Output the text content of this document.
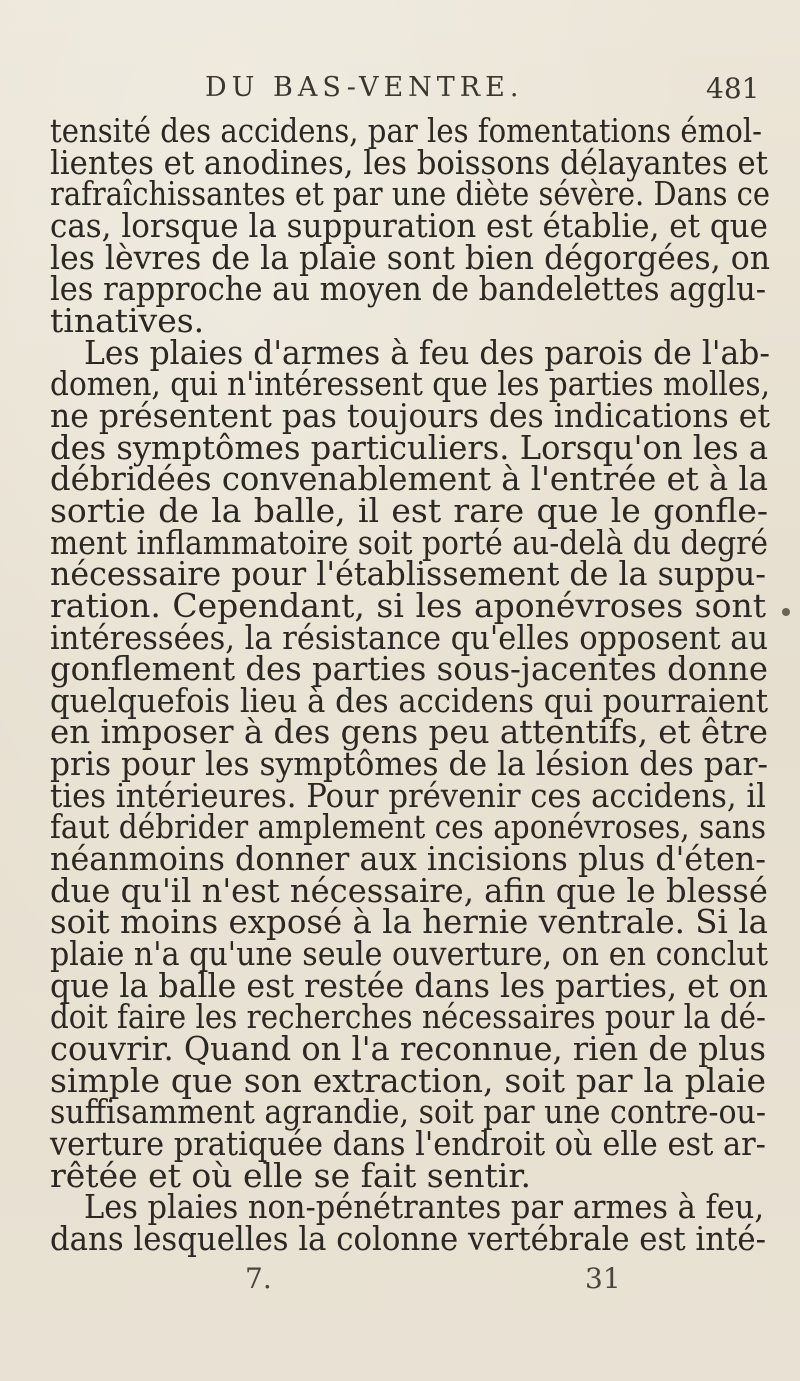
DU BAS-VENTRE.	481
tensité des accidens, par les fomentations émol-
lientes et anodines, les boissons délayantes et
rafraîchissantes et par une diète sévère. Dans ce
cas, lorsque la suppuration est établie, et que
les lèvres de la plaie sont bien dégorgées, on
les rapproche au moyen de bandelettes agglu-
tinatives.
Les plaies d'armes à feu des parois de l'ab-
domen, qui n'intéressent que les parties molles,
ne présentent pas toujours des indications et
des symptômes particuliers. Lorsqu'on les a
débridées convenablement à l'entrée et à la
sortie de la balle, il est rare que le gonfle-
ment inflammatoire soit porté au-delà du degré
nécessaire pour l'établissement de la suppu-
ration. Cependant, si les aponévroses sont
intéressées, la résistance qu'elles opposent au
gonflement des parties sous-jacentes donne
quelquefois lieu à des accidens qui pourraient
en imposer à des gens peu attentifs, et être
pris pour les symptômes de la lésion des par-
ties intérieures. Pour prévenir ces accidens, il
faut débrider amplement ces aponévroses, sans
néanmoins donner aux incisions plus d'éten-
due qu'il n'est nécessaire, afin que le blessé
soit moins exposé à la hernie ventrale. Si la
plaie n'a qu'une seule ouverture, on en conclut
que la balle est restée dans les parties, et on
doit faire les recherches nécessaires pour la dé-
couvrir. Quand on l'a reconnue, rien de plus
simple que son extraction, soit par la plaie
suffisamment agrandie, soit par une contre-ou-
verture pratiquée dans l'endroit où elle est ar-
rêtée et où elle se fait sentir.
Les plaies non-pénétrantes par armes à feu,
dans lesquelles la colonne vertébrale est inté-
7.	31
